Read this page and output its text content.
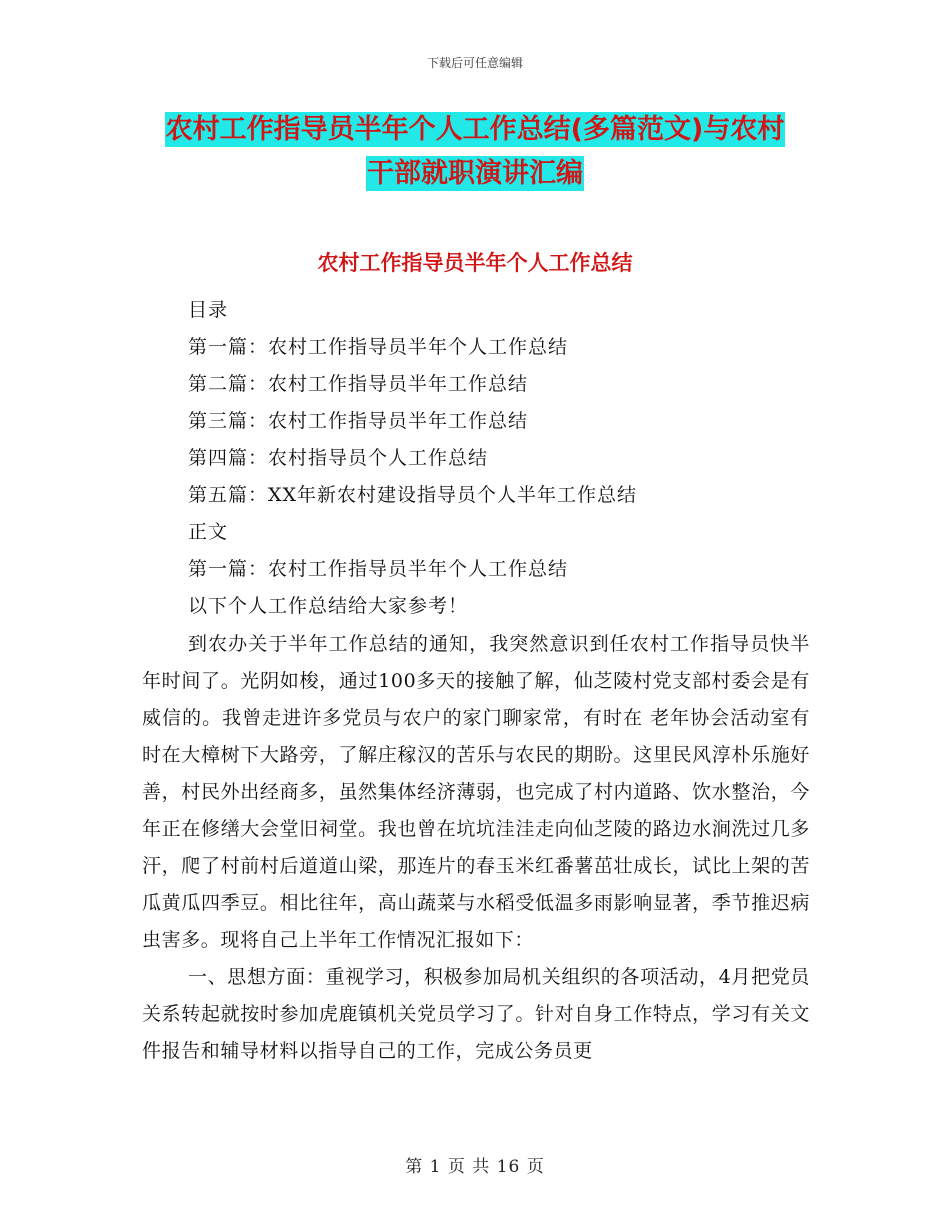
下载后可任意编辑
农村工作指导员半年个人工作总结(多篇范文)与农村
干部就职演讲汇编
农村工作指导员半年个人工作总结
目录
第一篇：农村工作指导员半年个人工作总结
第二篇：农村工作指导员半年工作总结
第三篇：农村工作指导员半年工作总结
第四篇：农村指导员个人工作总结
第五篇：XX年新农村建设指导员个人半年工作总结
正文
第一篇：农村工作指导员半年个人工作总结
以下个人工作总结给大家参考！

到农办关于半年工作总结的通知，我突然意识到任农村工作指导员快半年时间了。光阴如梭，通过100多天的接触了解，仙芝陵村党支部村委会是有威信的。我曾走进许多党员与农户的家门聊家常，有时在 老年协会活动室有时在大樟树下大路旁，了解庄稼汉的苦乐与农民的期盼。这里民风淳朴乐施好善，村民外出经商多，虽然集体经济薄弱，也完成了村内道路、饮水整治，今年正在修缮大会堂旧祠堂。我也曾在坑坑洼洼走向仙芝陵的路边水涧洗过几多汗，爬了村前村后道道山梁，那连片的春玉米红番薯茁壮成长，试比上架的苦瓜黄瓜四季豆。相比往年，高山蔬菜与水稻受低温多雨影响显著，季节推迟病虫害多。现将自己上半年工作情况汇报如下：

一、思想方面：重视学习，积极参加局机关组织的各项活动，4月把党员关系转起就按时参加虎鹿镇机关党员学习了。针对自身工作特点，学习有关文件报告和辅导材料以指导自己的工作，完成公务员更

第 1 页 共 16 页
